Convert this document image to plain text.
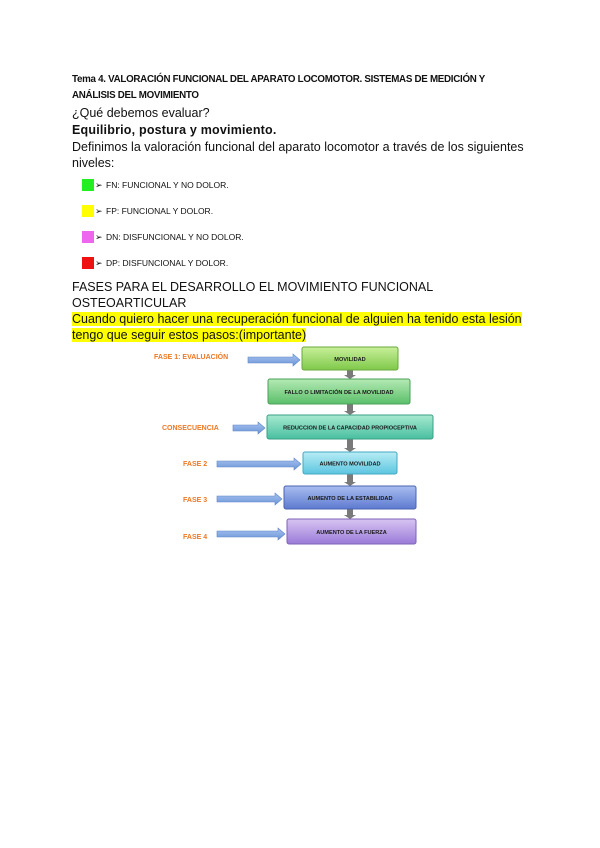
Tema 4. VALORACIÓN FUNCIONAL DEL APARATO LOCOMOTOR. SISTEMAS DE MEDICIÓN Y ANÁLISIS DEL MOVIMIENTO
¿Qué debemos evaluar?
Equilibrio, postura y movimiento.
Definimos la valoración funcional del aparato locomotor a través de los siguientes
niveles:
➢ FN: FUNCIONAL Y NO DOLOR.
➢ FP: FUNCIONAL Y DOLOR.
➢ DN: DISFUNCIONAL Y NO DOLOR.
➢ DP: DISFUNCIONAL Y DOLOR.
FASES PARA EL DESARROLLO EL MOVIMIENTO FUNCIONAL
OSTEOARTICULAR
Cuando quiero hacer una recuperación funcional de alguien ha tenido esta lesión
tengo que seguir estos pasos:(importante)
FASE 1: EVALUACIÓN
CONSECUENCIA
FASE 2
FASE 3
FASE 4
MOVILIDAD
FALLO O LIMITACIÓN DE LA MOVILIDAD
REDUCCION DE LA CAPACIDAD PROPIOCEPTIVA
AUMENTO MOVILIDAD
AUMENTO DE LA ESTABILIDAD
AUMENTO DE LA FUERZA
